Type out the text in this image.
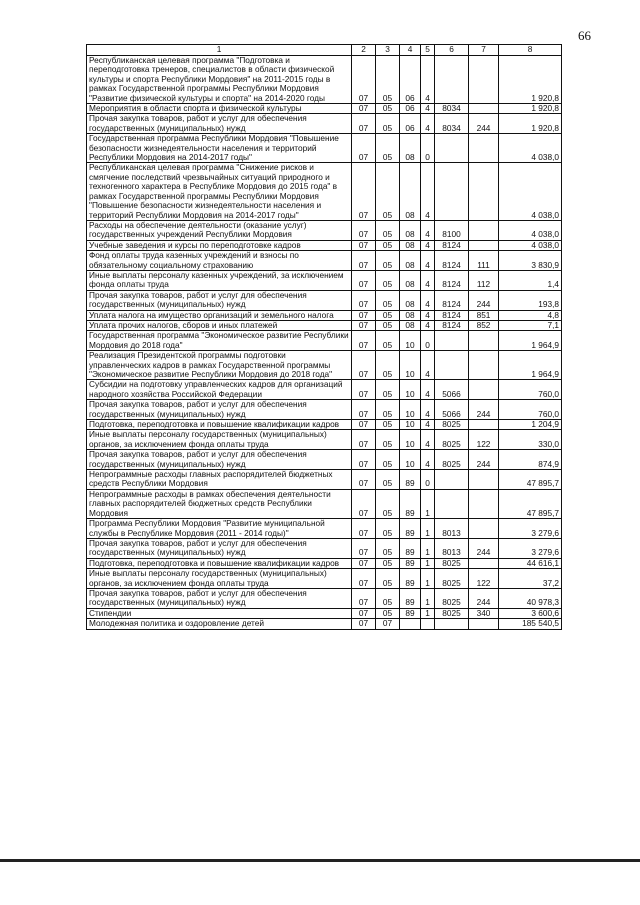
66
1	2	3	4	5	6	7	8
Республиканская целевая программа "Подготовка и переподготовка тренеров, специалистов в области физической культуры и спорта Республики Мордовия" на 2011-2015 годы в рамках Государственной программы Республики Мордовия "Развитие физической культуры и спорта" на 2014-2020 годы	07	05	06	4			1 920,8
Мероприятия в области спорта и физической культуры	07	05	06	4	8034		1 920,8
Прочая закупка товаров, работ и услуг для обеспечения государственных (муниципальных) нужд	07	05	06	4	8034	244	1 920,8
Государственная программа Республики Мордовия "Повышение безопасности жизнедеятельности населения и территорий Республики Мордовия на 2014-2017 годы"	07	05	08	0			4 038,0
Республиканская целевая программа "Снижение рисков и смягчение последствий чрезвычайных ситуаций природного и техногенного характера в Республике Мордовия до 2015 года" в рамках Государственной программы Республики Мордовия "Повышение безопасности жизнедеятельности населения и территорий Республики Мордовия на 2014-2017 годы"	07	05	08	4			4 038,0
Расходы на обеспечение деятельности (оказание услуг) государственных учреждений Республики Мордовия	07	05	08	4	8100		4 038,0
Учебные заведения и курсы по переподготовке кадров	07	05	08	4	8124		4 038,0
Фонд оплаты труда казенных учреждений и взносы по обязательному социальному страхованию	07	05	08	4	8124	111	3 830,9
Иные выплаты персоналу казенных учреждений, за исключением фонда оплаты труда	07	05	08	4	8124	112	1,4
Прочая закупка товаров, работ и услуг для обеспечения государственных (муниципальных) нужд	07	05	08	4	8124	244	193,8
Уплата налога на имущество организаций и земельного налога	07	05	08	4	8124	851	4,8
Уплата прочих налогов, сборов и иных платежей	07	05	08	4	8124	852	7,1
Государственная программа "Экономическое развитие Республики Мордовия до 2018 года"	07	05	10	0			1 964,9
Реализация Президентской программы подготовки управленческих кадров в рамках Государственной программы "Экономическое развитие Республики Мордовия до 2018 года"	07	05	10	4			1 964,9
Субсидии на подготовку управленческих кадров для организаций народного хозяйства Российской Федерации	07	05	10	4	5066		760,0
Прочая закупка товаров, работ и услуг для обеспечения государственных (муниципальных) нужд	07	05	10	4	5066	244	760,0
Подготовка, переподготовка и повышение квалификации кадров	07	05	10	4	8025		1 204,9
Иные выплаты персоналу государственных (муниципальных) органов, за исключением фонда оплаты труда	07	05	10	4	8025	122	330,0
Прочая закупка товаров, работ и услуг для обеспечения государственных (муниципальных) нужд	07	05	10	4	8025	244	874,9
Непрограммные расходы главных распорядителей бюджетных средств Республики Мордовия	07	05	89	0			47 895,7
Непрограммные расходы в рамках обеспечения деятельности главных распорядителей бюджетных средств Республики Мордовия	07	05	89	1			47 895,7
Программа Республики Мордовия "Развитие муниципальной службы в Республике Мордовия (2011 - 2014 годы)"	07	05	89	1	8013		3 279,6
Прочая закупка товаров, работ и услуг для обеспечения государственных (муниципальных) нужд	07	05	89	1	8013	244	3 279,6
Подготовка, переподготовка и повышение квалификации кадров	07	05	89	1	8025		44 616,1
Иные выплаты персоналу государственных (муниципальных) органов, за исключением фонда оплаты труда	07	05	89	1	8025	122	37,2
Прочая закупка товаров, работ и услуг для обеспечения государственных (муниципальных) нужд	07	05	89	1	8025	244	40 978,3
Стипендии	07	05	89	1	8025	340	3 600,6
Молодежная политика и оздоровление детей	07	07					185 540,5
